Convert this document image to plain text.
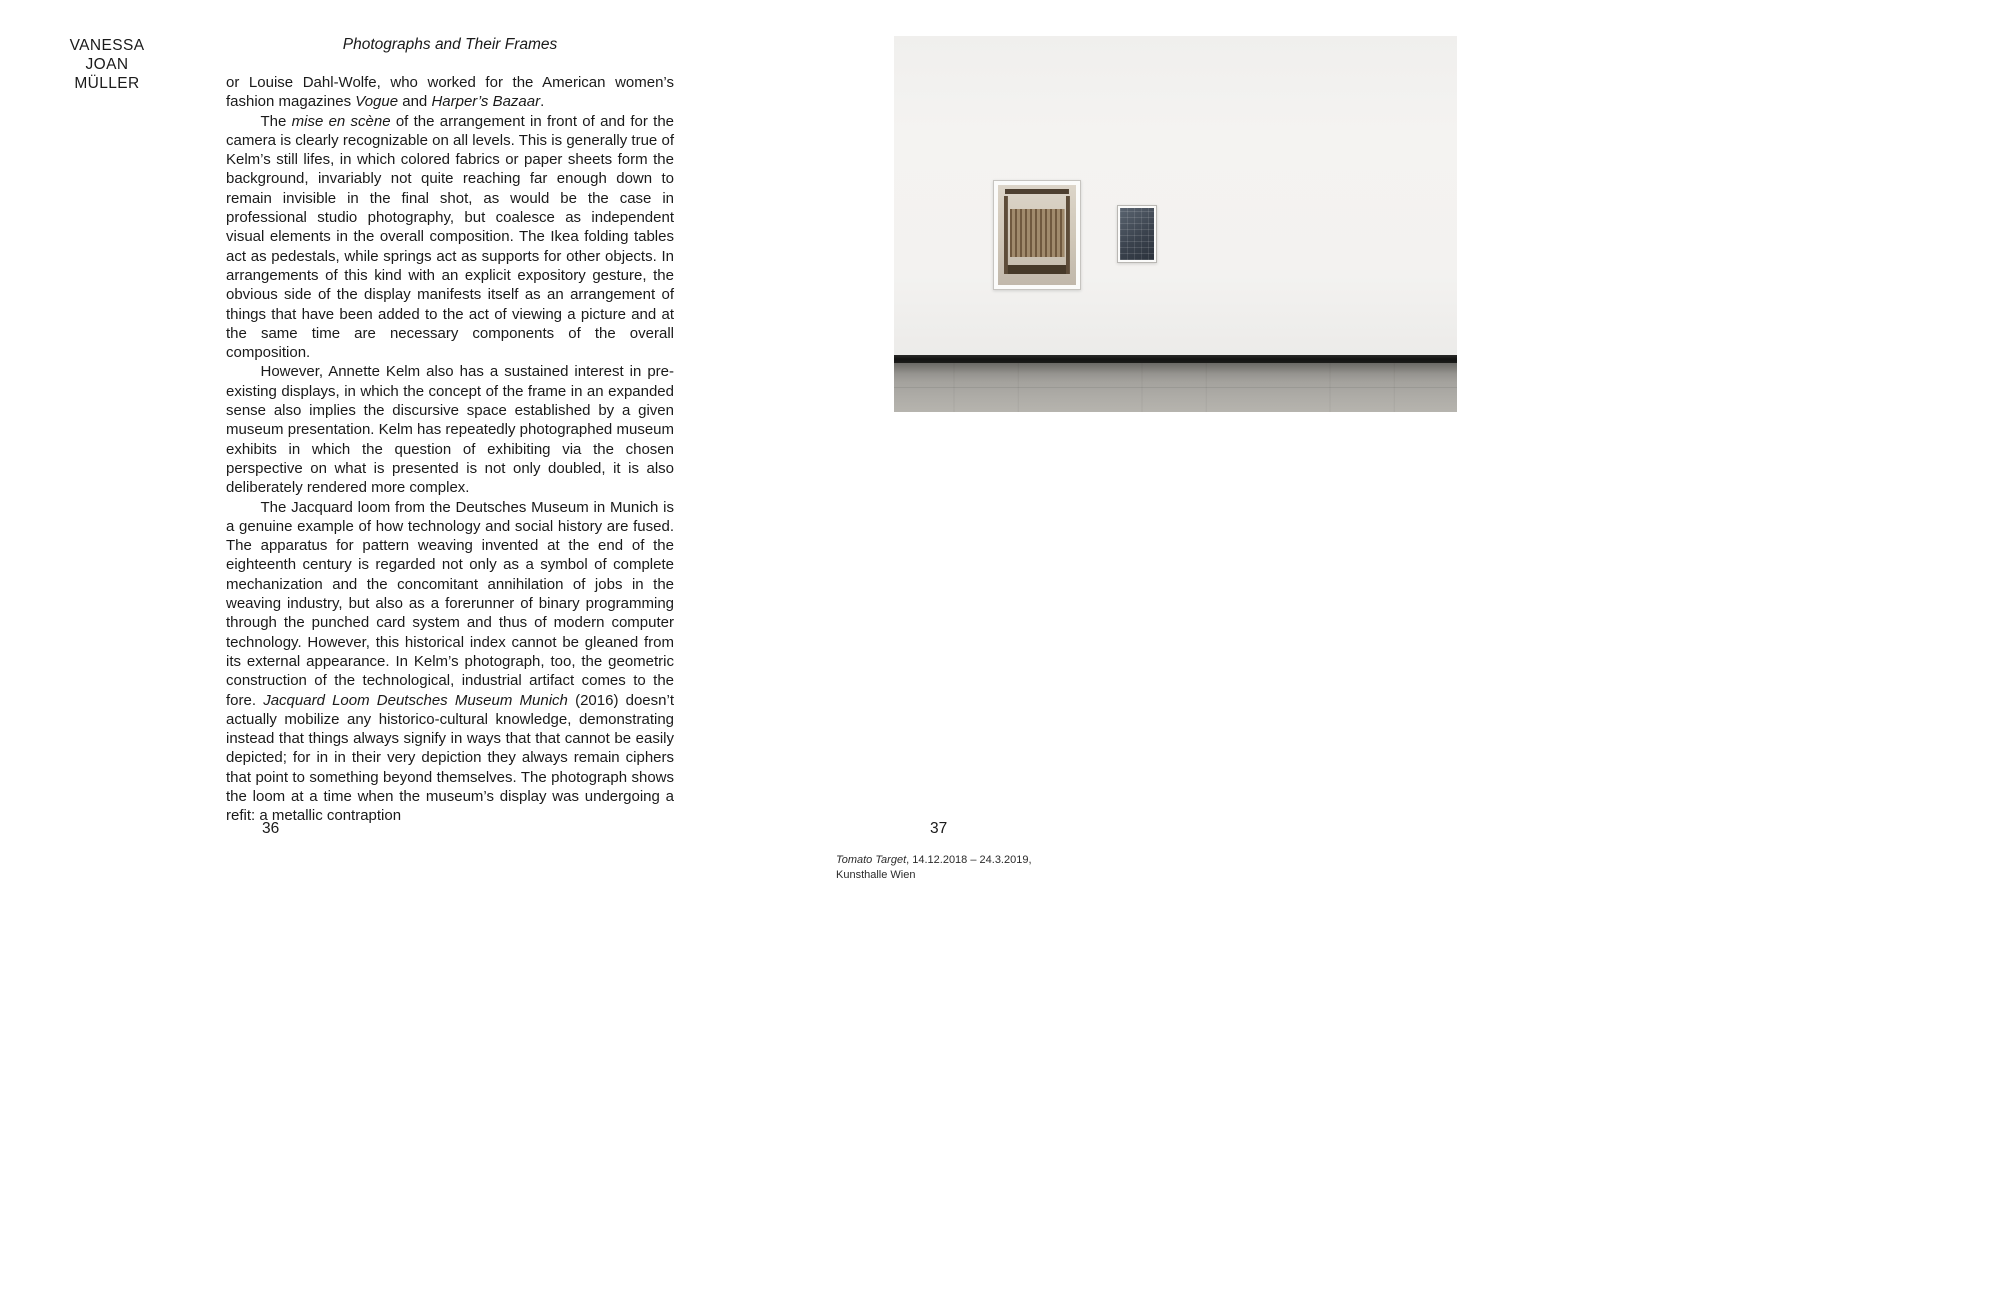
VANESSA
JOAN
MÜLLER
Photographs and Their Frames

or Louise Dahl-Wolfe, who worked for the American women’s fashion magazines Vogue and Harper’s Bazaar.

The mise en scène of the arrangement in front of and for the camera is clearly recognizable on all levels. This is generally true of Kelm’s still lifes, in which colored fabrics or paper sheets form the background, invariably not quite reaching far enough down to remain invisible in the final shot, as would be the case in professional studio photography, but coalesce as independent visual elements in the overall composition. The Ikea folding tables act as pedestals, while springs act as supports for other objects. In arrangements of this kind with an explicit expository gesture, the obvious side of the display manifests itself as an arrangement of things that have been added to the act of viewing a picture and at the same time are necessary components of the overall composition.

However, Annette Kelm also has a sustained interest in pre-existing displays, in which the concept of the frame in an expanded sense also implies the discursive space established by a given museum presentation. Kelm has repeatedly photographed museum exhibits in which the question of exhibiting via the chosen perspective on what is presented is not only doubled, it is also deliberately rendered more complex.

The Jacquard loom from the Deutsches Museum in Munich is a genuine example of how technology and social history are fused. The apparatus for pattern weaving invented at the end of the eighteenth century is regarded not only as a symbol of complete mechanization and the concomitant annihilation of jobs in the weaving industry, but also as a forerunner of binary programming through the punched card system and thus of modern computer technology. However, this historical index cannot be gleaned from its external appearance. In Kelm’s photograph, too, the geometric construction of the technological, industrial artifact comes to the fore. Jacquard Loom Deutsches Museum Munich (2016) doesn’t actually mobilize any historico-cultural knowledge, demonstrating instead that things always signify in ways that that cannot be easily depicted; for in in their very depiction they always remain ciphers that point to something beyond themselves. The photograph shows the loom at a time when the museum’s display was undergoing a refit: a metallic contraption

36	37
Tomato Target, 14.12.2018 – 24.3.2019,
Kunsthalle Wien
